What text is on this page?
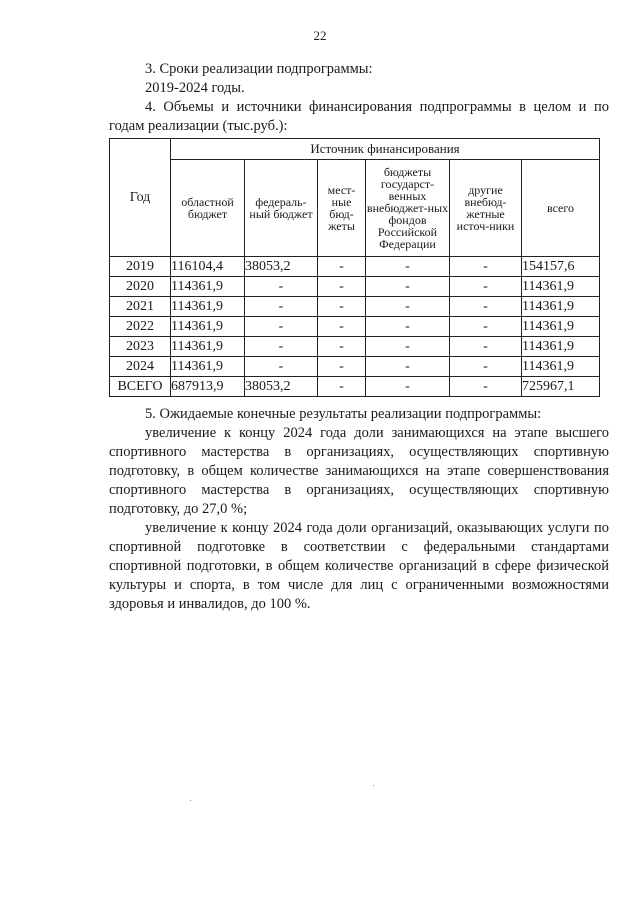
22

3. Сроки реализации подпрограммы:

2019-2024 годы.

4. Объемы и источники финансирования подпрограммы в целом и по

годам реализации (тыс.руб.):

Год	Источник финансирования					
	областной бюджет	федераль-ный бюджет	мест-ные бюд-жеты	бюджеты государст-венных внебюджет-ных фондов Российской Федерации	другие внебюд-жетные источ-ники	всего
2019	116104,4	38053,2	-	-	-	154157,6
2020	114361,9	-	-	-	-	114361,9
2021	114361,9	-	-	-	-	114361,9
2022	114361,9	-	-	-	-	114361,9
2023	114361,9	-	-	-	-	114361,9
2024	114361,9	-	-	-	-	114361,9
ВСЕГО	687913,9	38053,2	-	-	-	725967,1

5. Ожидаемые конечные результаты реализации подпрограммы:

увеличение к концу 2024 года доли занимающихся на этапе высшего спортивного мастерства в организациях, осуществляющих спортивную подготовку, в общем количестве занимающихся на этапе совершенствования спортивного мастерства в организациях, осуществляющих спортивную подготовку, до 27,0 %;

увеличение к концу 2024 года доли организаций, оказывающих услуги по спортивной подготовке в соответствии с федеральными стандартами спортивной подготовки, в общем количестве организаций в сфере физической культуры и спорта, в том числе для лиц с ограниченными возможностями здоровья и инвалидов, до 100 %.
